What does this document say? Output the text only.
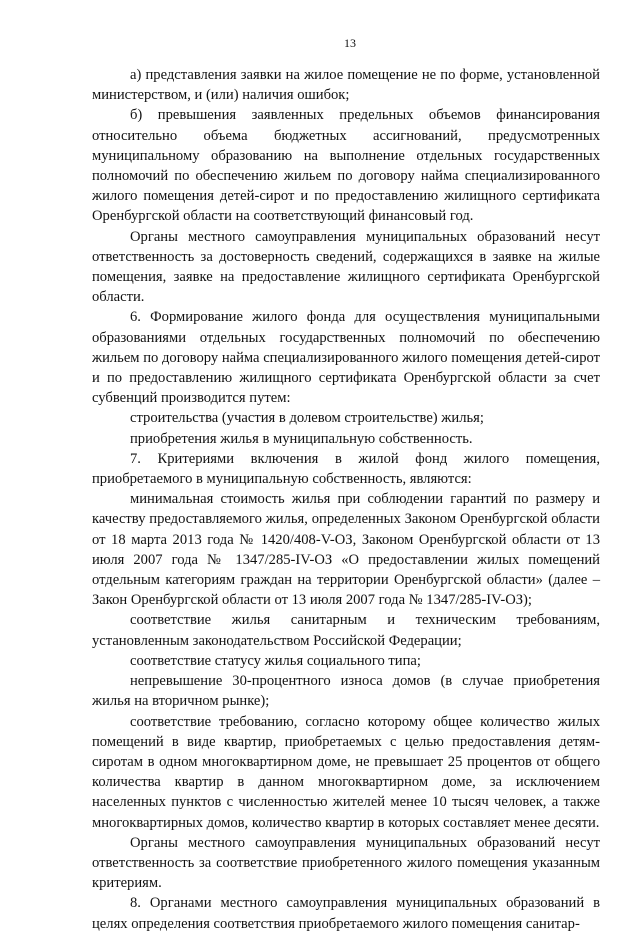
13

а) представления заявки на жилое помещение не по форме, установленной министерством, и (или) наличия ошибок;

б) превышения заявленных предельных объемов финансирования относительно объема бюджетных ассигнований, предусмотренных муниципальному образованию на выполнение отдельных государственных полномочий по обеспечению жильем по договору найма специализированного жилого помещения детей-сирот и по предоставлению жилищного сертификата Оренбургской области на соответствующий финансовый год.

Органы местного самоуправления муниципальных образований несут ответственность за достоверность сведений, содержащихся в заявке на жилые помещения, заявке на предоставление жилищного сертификата Оренбургской области.

6. Формирование жилого фонда для осуществления муниципальными образованиями отдельных государственных полномочий по обеспечению жильем по договору найма специализированного жилого помещения детей-сирот и по предоставлению жилищного сертификата Оренбургской области за счет субвенций производится путем:

строительства (участия в долевом строительстве) жилья;

приобретения жилья в муниципальную собственность.

7. Критериями включения в жилой фонд жилого помещения, приобретаемого в муниципальную собственность, являются:

минимальная стоимость жилья при соблюдении гарантий по размеру и качеству предоставляемого жилья, определенных Законом Оренбургской области от 18 марта 2013 года № 1420/408-V-ОЗ, Законом Оренбургской области от 13 июля 2007 года № 1347/285-IV-ОЗ «О предоставлении жилых помещений отдельным категориям граждан на территории Оренбургской области» (далее – Закон Оренбургской области от 13 июля 2007 года № 1347/285-IV-ОЗ);

соответствие жилья санитарным и техническим требованиям, установленным законодательством Российской Федерации;

соответствие статусу жилья социального типа;

непревышение 30-процентного износа домов (в случае приобретения жилья на вторичном рынке);

соответствие требованию, согласно которому общее количество жилых помещений в виде квартир, приобретаемых с целью предоставления детям-сиротам в одном многоквартирном доме, не превышает 25 процентов от общего количества квартир в данном многоквартирном доме, за исключением населенных пунктов с численностью жителей менее 10 тысяч человек, а также многоквартирных домов, количество квартир в которых составляет менее десяти.

Органы местного самоуправления муниципальных образований несут ответственность за соответствие приобретенного жилого помещения указанным критериям.

8. Органами местного самоуправления муниципальных образований в целях определения соответствия приобретаемого жилого помещения санитар-
